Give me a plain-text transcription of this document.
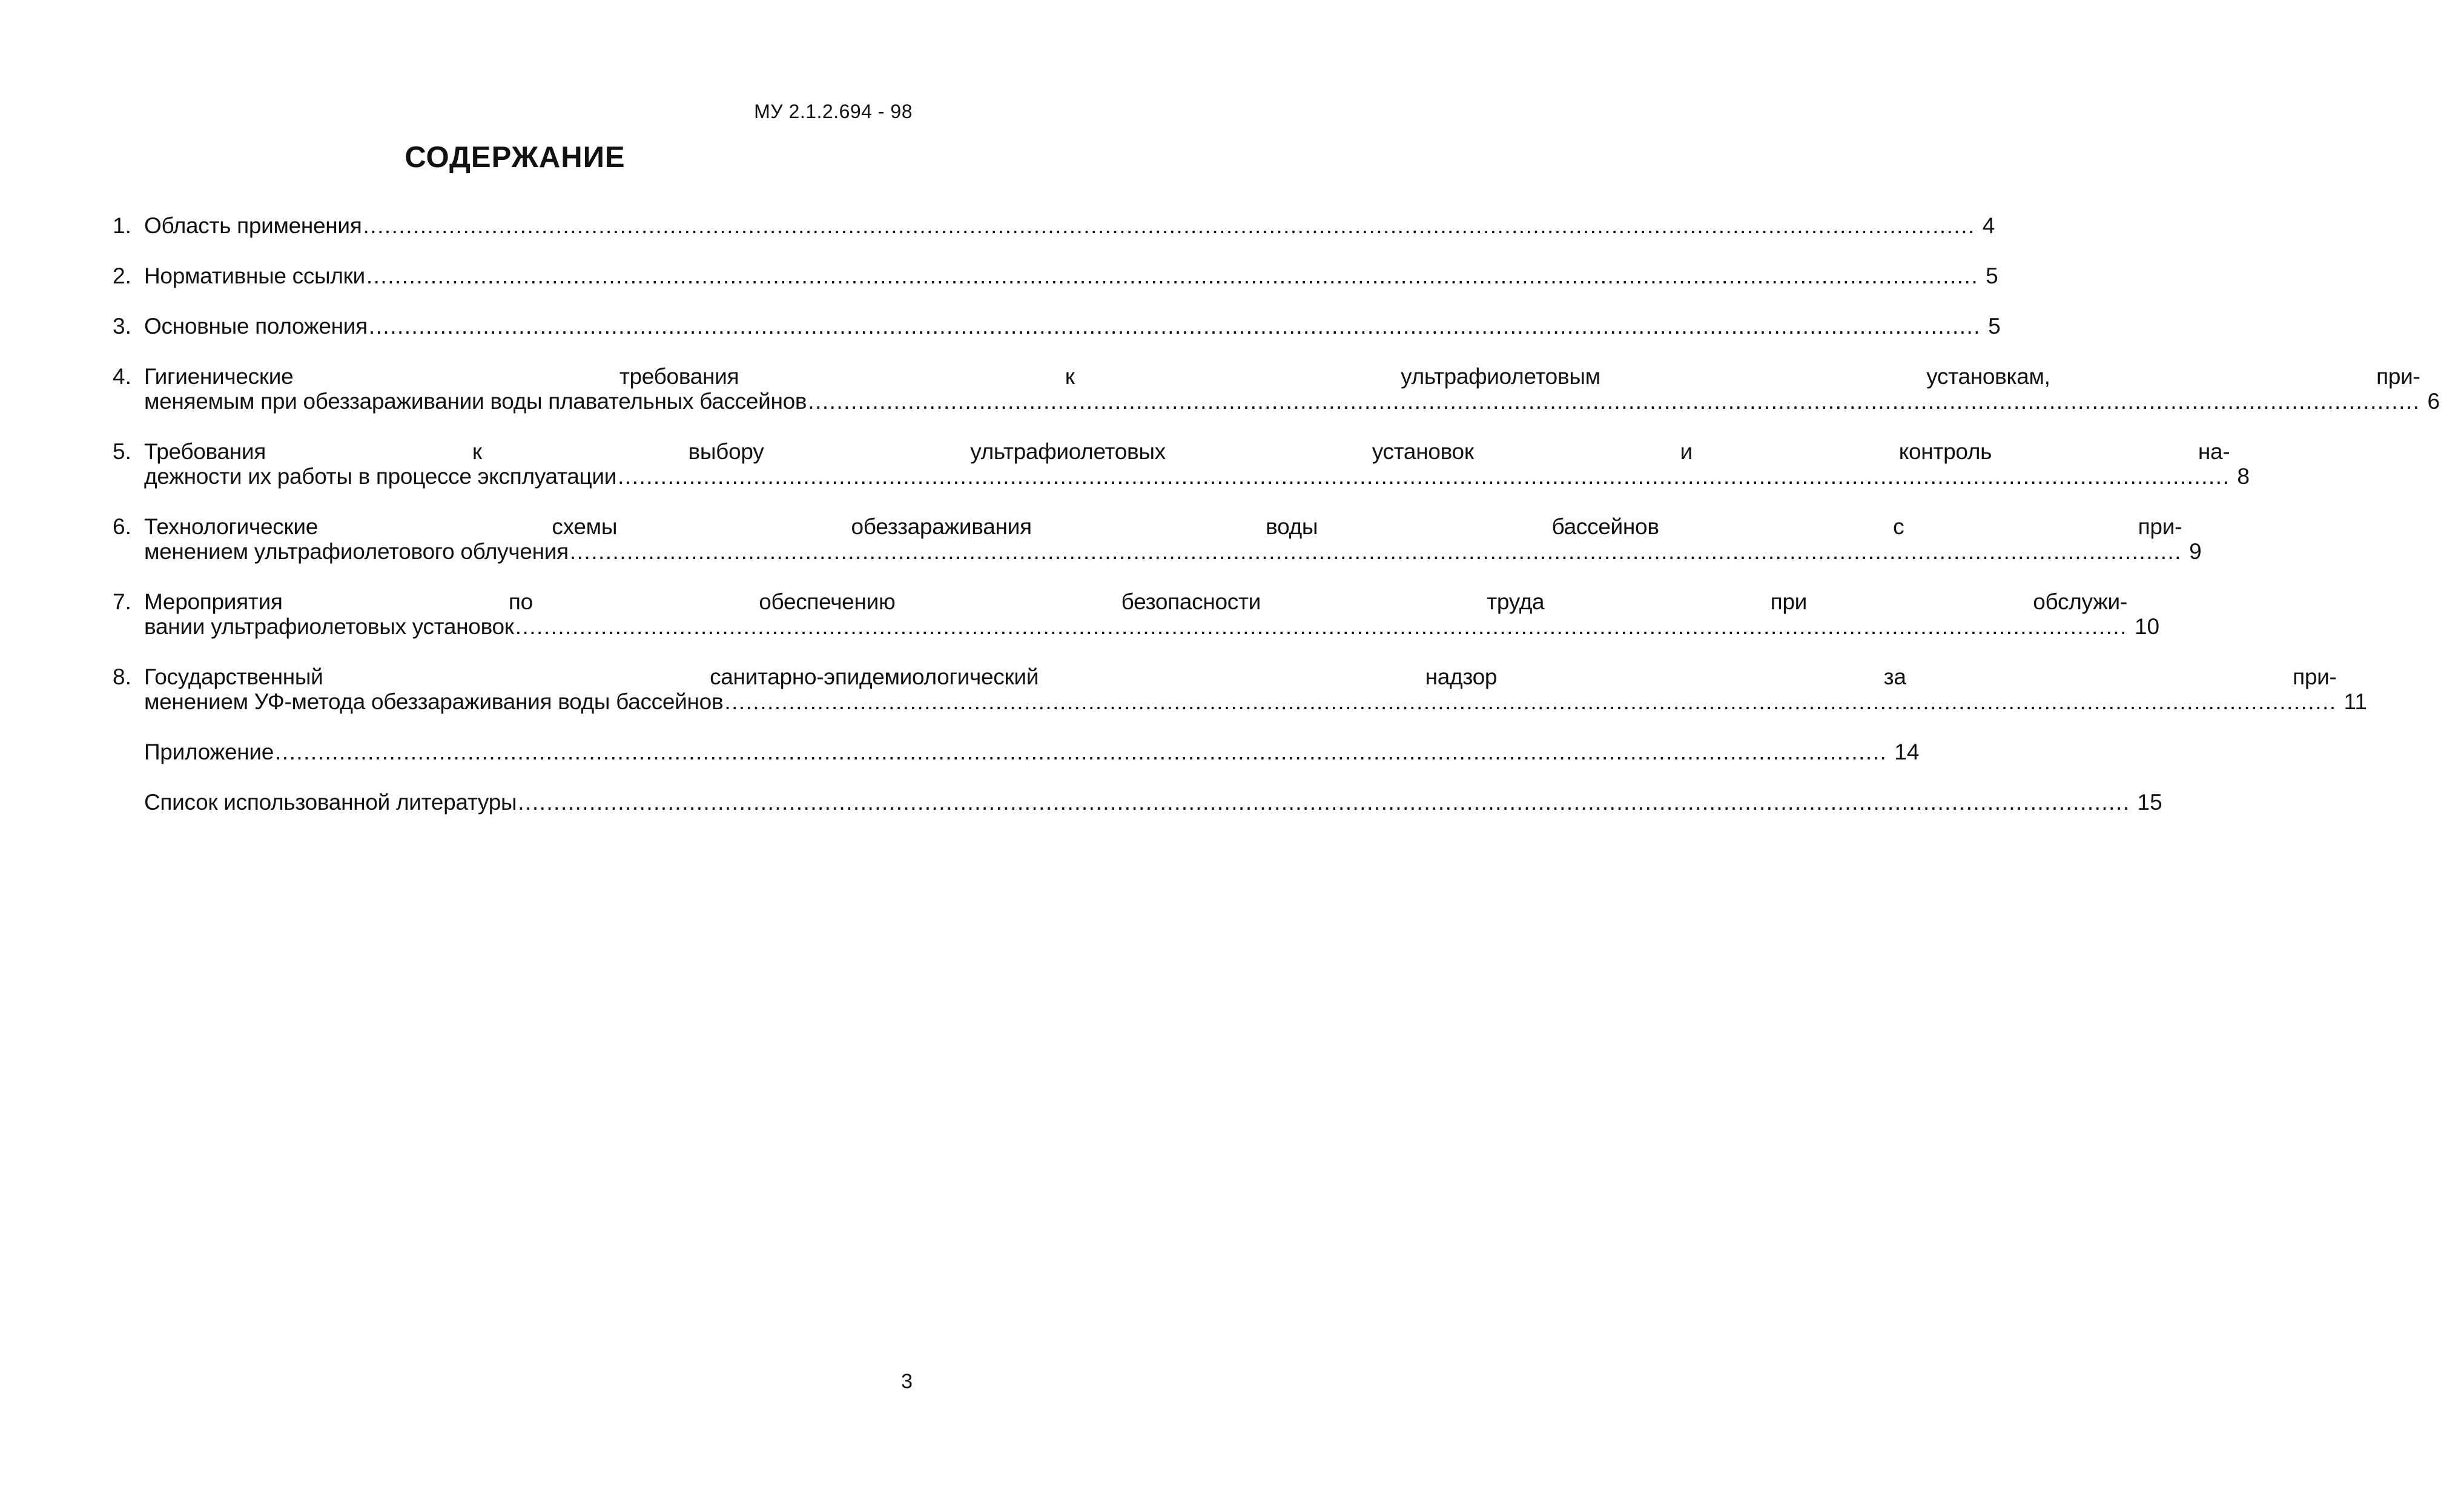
МУ 2.1.2.694 - 98
СОДЕРЖАНИЕ
1. Область применения .....	4
2. Нормативные ссылки .....	5
3. Основные положения .....	5
4. Гигиенические требования к ультрафиолетовым установкам, при-
меняемым при обеззараживании воды плавательных бассейнов .....	6
5. Требования к выбору ультрафиолетовых установок и контроль на-
дежности их работы в процессе эксплуатации .....	8
6. Технологические схемы обеззараживания воды бассейнов с при-
менением ультрафиолетового облучения .....	9
7. Мероприятия по обеспечению безопасности труда при обслужи-
вании ультрафиолетовых установок .....	10
8. Государственный санитарно-эпидемиологический надзор за при-
менением УФ-метода обеззараживания воды бассейнов .....	11
Приложение .....	14
Список использованной литературы .....	15
3
